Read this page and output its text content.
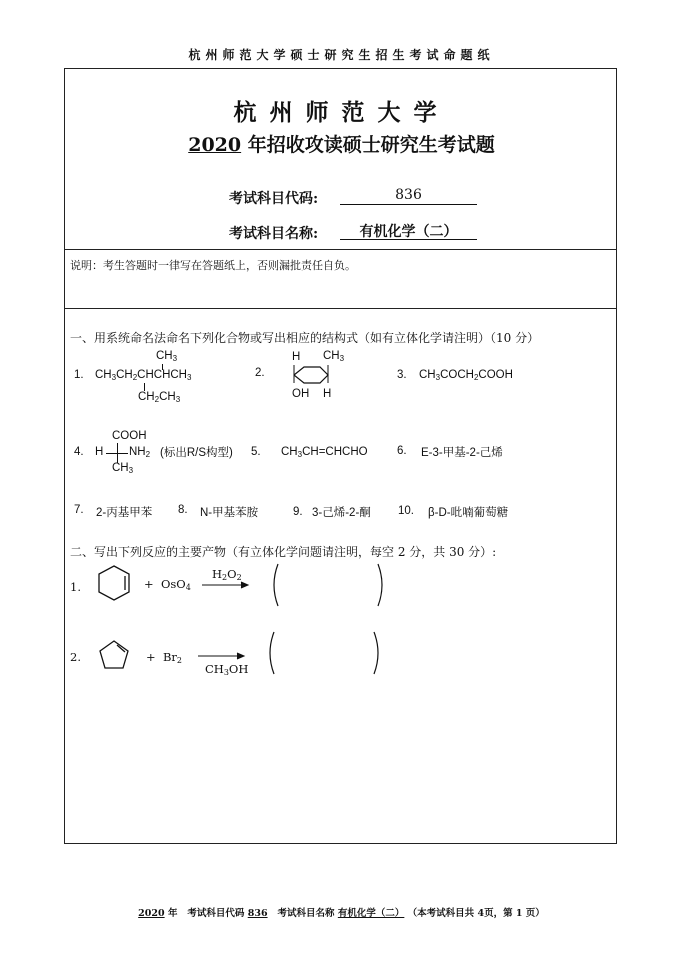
杭州师范大学硕士研究生招生考试命题纸
杭州师范大学
2020 年招收攻读硕士研究生考试题
考试科目代码:	836
考试科目名称:	有机化学（二）
说明：考生答题时一律写在答题纸上，否则漏批责任自负。
一、用系统命名法命名下列化合物或写出相应的结构式（如有立体化学请注明）（10 分）
1.
$CH_3$
$CH_3CH_2CHCHCH_3$
$CH_2CH_3$
2.
H $CH_3$
OH H
3. $CH_3COCH_2COOH$
4.
COOH
H $NH_2$
$CH_3$
(标出R/S构型) 5. $CH_3CH=CHCHO$	6. E-3-甲基-2-己烯
7. 2-丙基甲苯 8. N-甲基苯胺	9. 3-己烯-2-酮 10. β-D-吡喃葡萄糖
二、写出下列反应的主要产物（有立体化学问题请注明，每空 2 分，共 30 分）:
1.	+  OsO$_4$
$H_2O_2$
2.	+  $Br_2$ →
$CH_3OH$
2020 年 考试科目代码 836 考试科目名称 有机化学（二） （本考试科目共 4页，第 1 页）
